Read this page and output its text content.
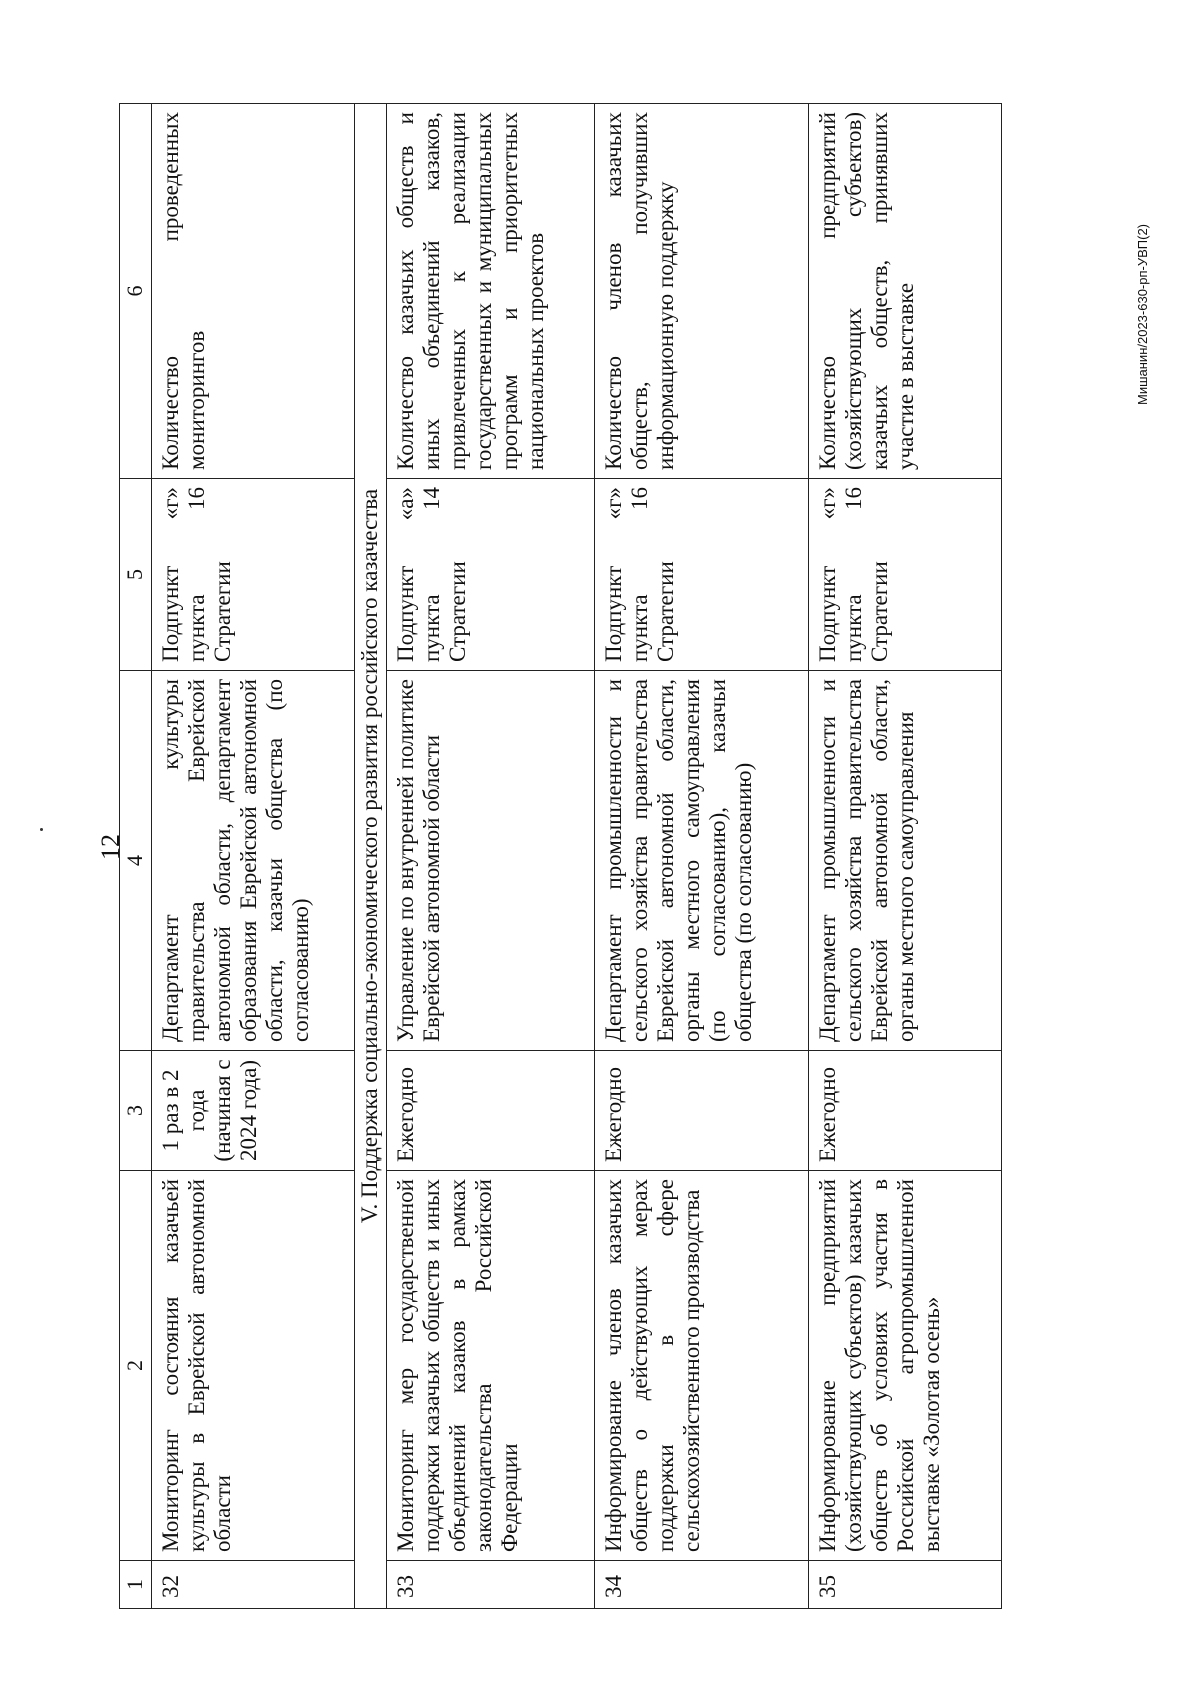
12
Мишанин/2023-630-рп-УВП(2)
1	2	3	4	5	6
32	Мониторинг состояния казачьей культуры в Еврейской автономной области	1 раз в 2 года (начиная с 2024 года)	Департамент культуры правительства Еврейской автономной области, департамент образования Еврейской автономной области, казачьи общества (по согласованию)	Подпункт «г» пункта 16 Стратегии	Количество проведенных мониторингов
V. Поддержка социально-экономического развития российского казачества					
33	Мониторинг мер государственной поддержки казачьих обществ и иных объединений казаков в рамках законодательства Российской Федерации	Ежегодно	Управление по внутренней политике Еврейской автономной области	Подпункт «а» пункта 14 Стратегии	Количество казачьих обществ и иных объединений казаков, привлеченных к реализации государственных и муниципальных программ и приоритетных национальных проектов
34	Информирование членов казачьих обществ о действующих мерах поддержки в сфере сельскохозяйственного производства	Ежегодно	Департамент промышленности и сельского хозяйства правительства Еврейской автономной области, органы местного самоуправления (по согласованию), казачьи общества (по согласованию)	Подпункт «г» пункта 16 Стратегии	Количество членов казачьих обществ, получивших информационную поддержку
35	Информирование предприятий (хозяйствующих субъектов) казачьих обществ об условиях участия в Российской агропромышленной выставке «Золотая осень»	Ежегодно	Департамент промышленности и сельского хозяйства правительства Еврейской автономной области, органы местного самоуправления	Подпункт «г» пункта 16 Стратегии	Количество предприятий (хозяйствующих субъектов) казачьих обществ, принявших участие в выставке
